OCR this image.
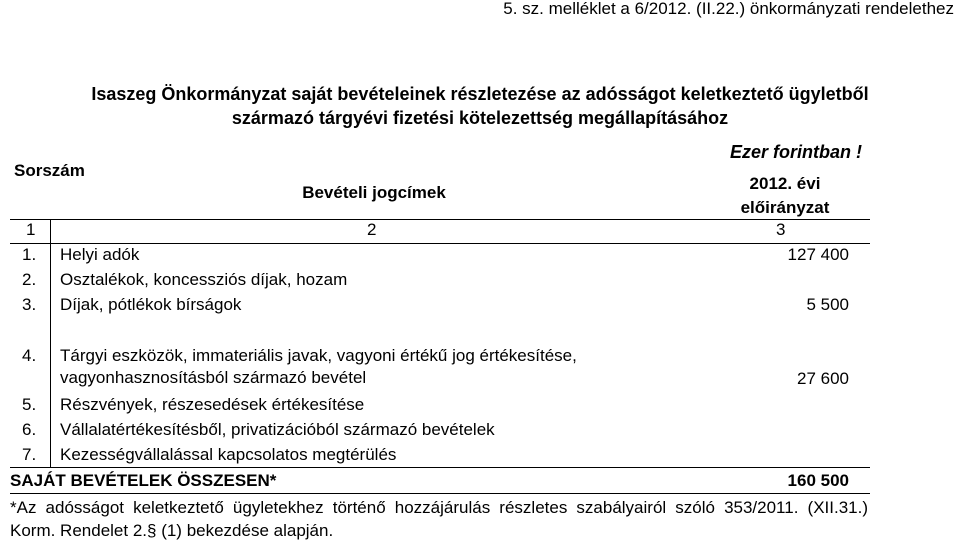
5. sz. melléklet a 6/2012. (II.22.) önkormányzati rendelethez
Isaszeg Önkormányzat saját bevételeinek részletezése az adósságot keletkeztető ügyletből
származó tárgyévi fizetési kötelezettség megállapításához
Ezer forintban !
Sorszám
Bevételi jogcímek	2012. évi
előirányzat
1	2	3
1. Helyi adók	127 400
2. Osztalékok, koncessziós díjak, hozam
3. Díjak, pótlékok bírságok	5 500
4. Tárgyi eszközök, immateriális javak, vagyoni értékű jog értékesítése,
vagyonhasznosításból származó bevétel	27 600
5. Részvények, részesedések értékesítése
6. Vállalatértékesítésből, privatizációból származó bevételek
7. Kezességvállalással kapcsolatos megtérülés
SAJÁT BEVÉTELEK ÖSSZESEN*	160 500
*Az adósságot keletkeztető ügyletekhez történő hozzájárulás részletes szabályairól szóló 353/2011. (XII.31.) Korm. Rendelet 2.§ (1) bekezdése alapján.
